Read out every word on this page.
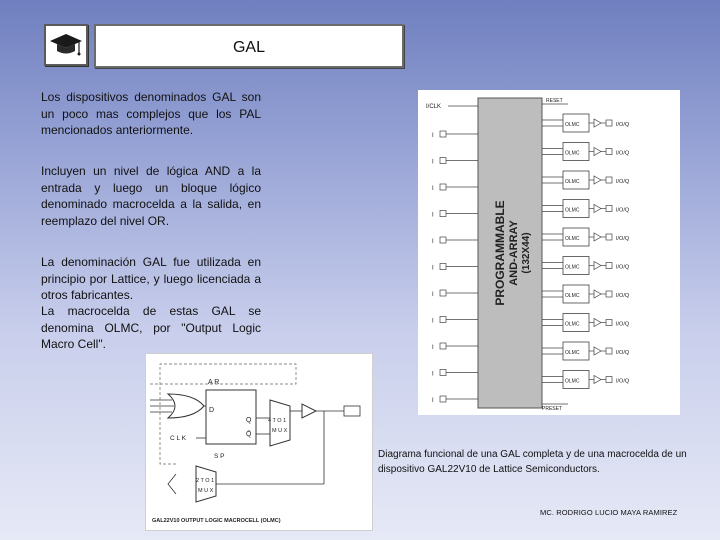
GAL

Los dispositivos denominados GAL son un poco mas complejos que los PAL mencionados anteriormente.

Incluyen un nivel de lógica AND a la entrada y luego un bloque lógico denominado macrocelda a la salida, en reemplazo del nivel OR.

La denominación GAL fue utilizada en principio por Lattice, y luego licenciada a otros fabricantes.

La macrocelda de estas GAL se denomina OLMC, por "Output Logic Macro Cell".

PROGRAMMABLE AND-ARRAY (132X44)
I/CLK
RESET
PRESET
I
I
I
I
I
I
I
I
I
I
I
OLMC	I/O/Q
OLMC	I/O/Q
OLMC	I/O/Q
OLMC	I/O/Q
OLMC	I/O/Q
OLMC	I/O/Q
OLMC	I/O/Q
OLMC	I/O/Q
OLMC	I/O/Q
OLMC	I/O/Q
A R
D
Q
Q̄
C L K
S P
4 T O 1
M U X
2 T O 1
M U X
GAL22V10 OUTPUT LOGIC MACROCELL (OLMC)

Diagrama funcional de una GAL completa y de una macrocelda de un dispositivo GAL22V10 de Lattice Semiconductors.

MC. RODRIGO LUCIO MAYA RAMIREZ
